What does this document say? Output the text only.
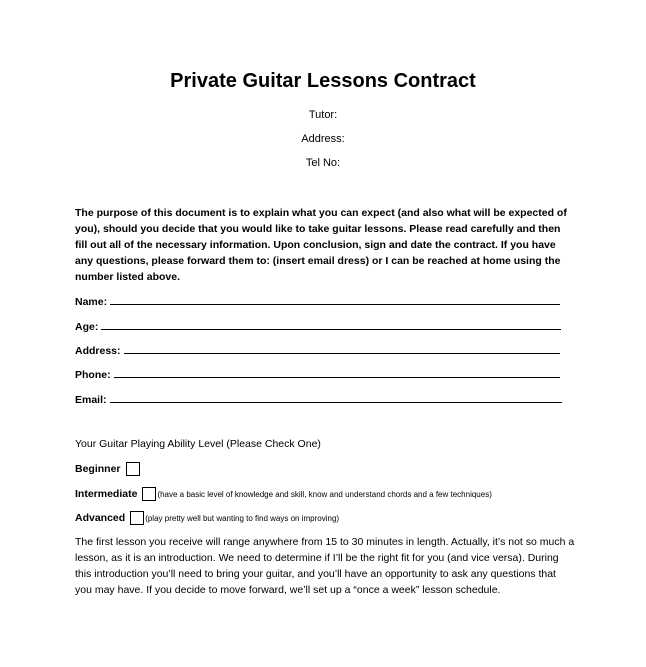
Private Guitar Lessons Contract
Tutor:
Address:
Tel No:
The purpose of this document is to explain what you can expect (and also what will be expected of you), should you decide that you would like to take guitar lessons. Please read carefully and then fill out all of the necessary information. Upon conclusion, sign and date the contract. If you have any questions, please forward them to: (insert email dress) or I can be reached at home using the number listed above.
Name:
Age:
Address:
Phone:
Email:
Your Guitar Playing Ability Level (Please Check One)
Beginner
Intermediate	(have a basic level of knowledge and skill, know and understand chords and a few techniques)
Advanced	(play pretty well but wanting to find ways on improving)
The first lesson you receive will range anywhere from 15 to 30 minutes in length. Actually, it’s not so much a lesson, as it is an introduction. We need to determine if I’ll be the right fit for you (and vice versa). During this introduction you’ll need to bring your guitar, and you’ll have an opportunity to ask any questions that you may have. If you decide to move forward, we’ll set up a “once a week” lesson schedule.
